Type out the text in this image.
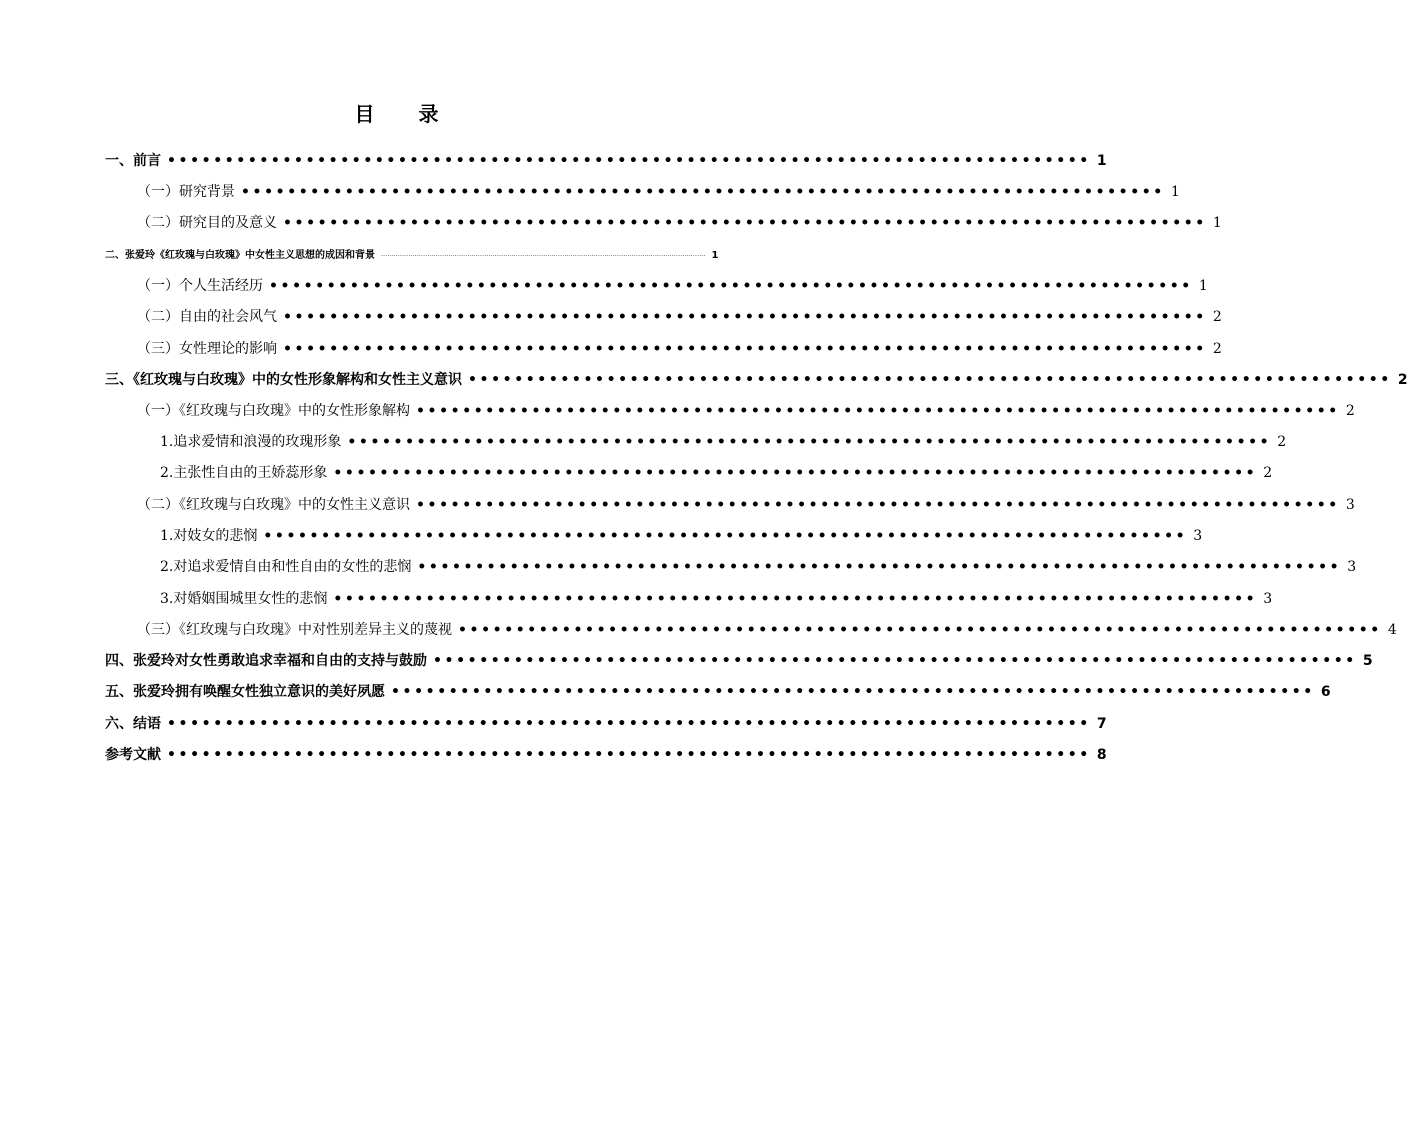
目 录
一、前言 •••••••••••••••••••••••••••••••••••••••••••••••••••••••••••••••••••••••••••••••• 1
（一）研究背景 •••••••••••••••••••••••••••••••••••••••••••••••••••••••••••••••••••••••••••••••• 1
（二）研究目的及意义 •••••••••••••••••••••••••••••••••••••••••••••••••••••••••••••••••••••••••••••••• 1
二、张爱玲《红玫瑰与白玫瑰》中女性主义思想的成因和背景 ·························································································································································· 1
（一）个人生活经历 •••••••••••••••••••••••••••••••••••••••••••••••••••••••••••••••••••••••••••••••• 1
（二）自由的社会风气 •••••••••••••••••••••••••••••••••••••••••••••••••••••••••••••••••••••••••••••••• 2
（三）女性理论的影响 •••••••••••••••••••••••••••••••••••••••••••••••••••••••••••••••••••••••••••••••• 2
三、《红玫瑰与白玫瑰》中的女性形象解构和女性主义意识 •••••••••••••••••••••••••••••••••••••••••••••••••••••••••••••••••••••••••••••••• 2
（一）《红玫瑰与白玫瑰》中的女性形象解构 •••••••••••••••••••••••••••••••••••••••••••••••••••••••••••••••••••••••••••••••• 2
1.追求爱情和浪漫的玫瑰形象 •••••••••••••••••••••••••••••••••••••••••••••••••••••••••••••••••••••••••••••••• 2
2.主张性自由的王娇蕊形象 •••••••••••••••••••••••••••••••••••••••••••••••••••••••••••••••••••••••••••••••• 2
（二）《红玫瑰与白玫瑰》中的女性主义意识 •••••••••••••••••••••••••••••••••••••••••••••••••••••••••••••••••••••••••••••••• 3
1.对妓女的悲悯 •••••••••••••••••••••••••••••••••••••••••••••••••••••••••••••••••••••••••••••••• 3
2.对追求爱情自由和性自由的女性的悲悯 •••••••••••••••••••••••••••••••••••••••••••••••••••••••••••••••••••••••••••••••• 3
3.对婚姻围城里女性的悲悯 •••••••••••••••••••••••••••••••••••••••••••••••••••••••••••••••••••••••••••••••• 3
（三）《红玫瑰与白玫瑰》中对性别差异主义的蔑视 •••••••••••••••••••••••••••••••••••••••••••••••••••••••••••••••••••••••••••••••• 4
四、张爱玲对女性勇敢追求幸福和自由的支持与鼓励 •••••••••••••••••••••••••••••••••••••••••••••••••••••••••••••••••••••••••••••••• 5
五、张爱玲拥有唤醒女性独立意识的美好夙愿 •••••••••••••••••••••••••••••••••••••••••••••••••••••••••••••••••••••••••••••••• 6
六、结语 •••••••••••••••••••••••••••••••••••••••••••••••••••••••••••••••••••••••••••••••• 7
参考文献 •••••••••••••••••••••••••••••••••••••••••••••••••••••••••••••••••••••••••••••••• 8
